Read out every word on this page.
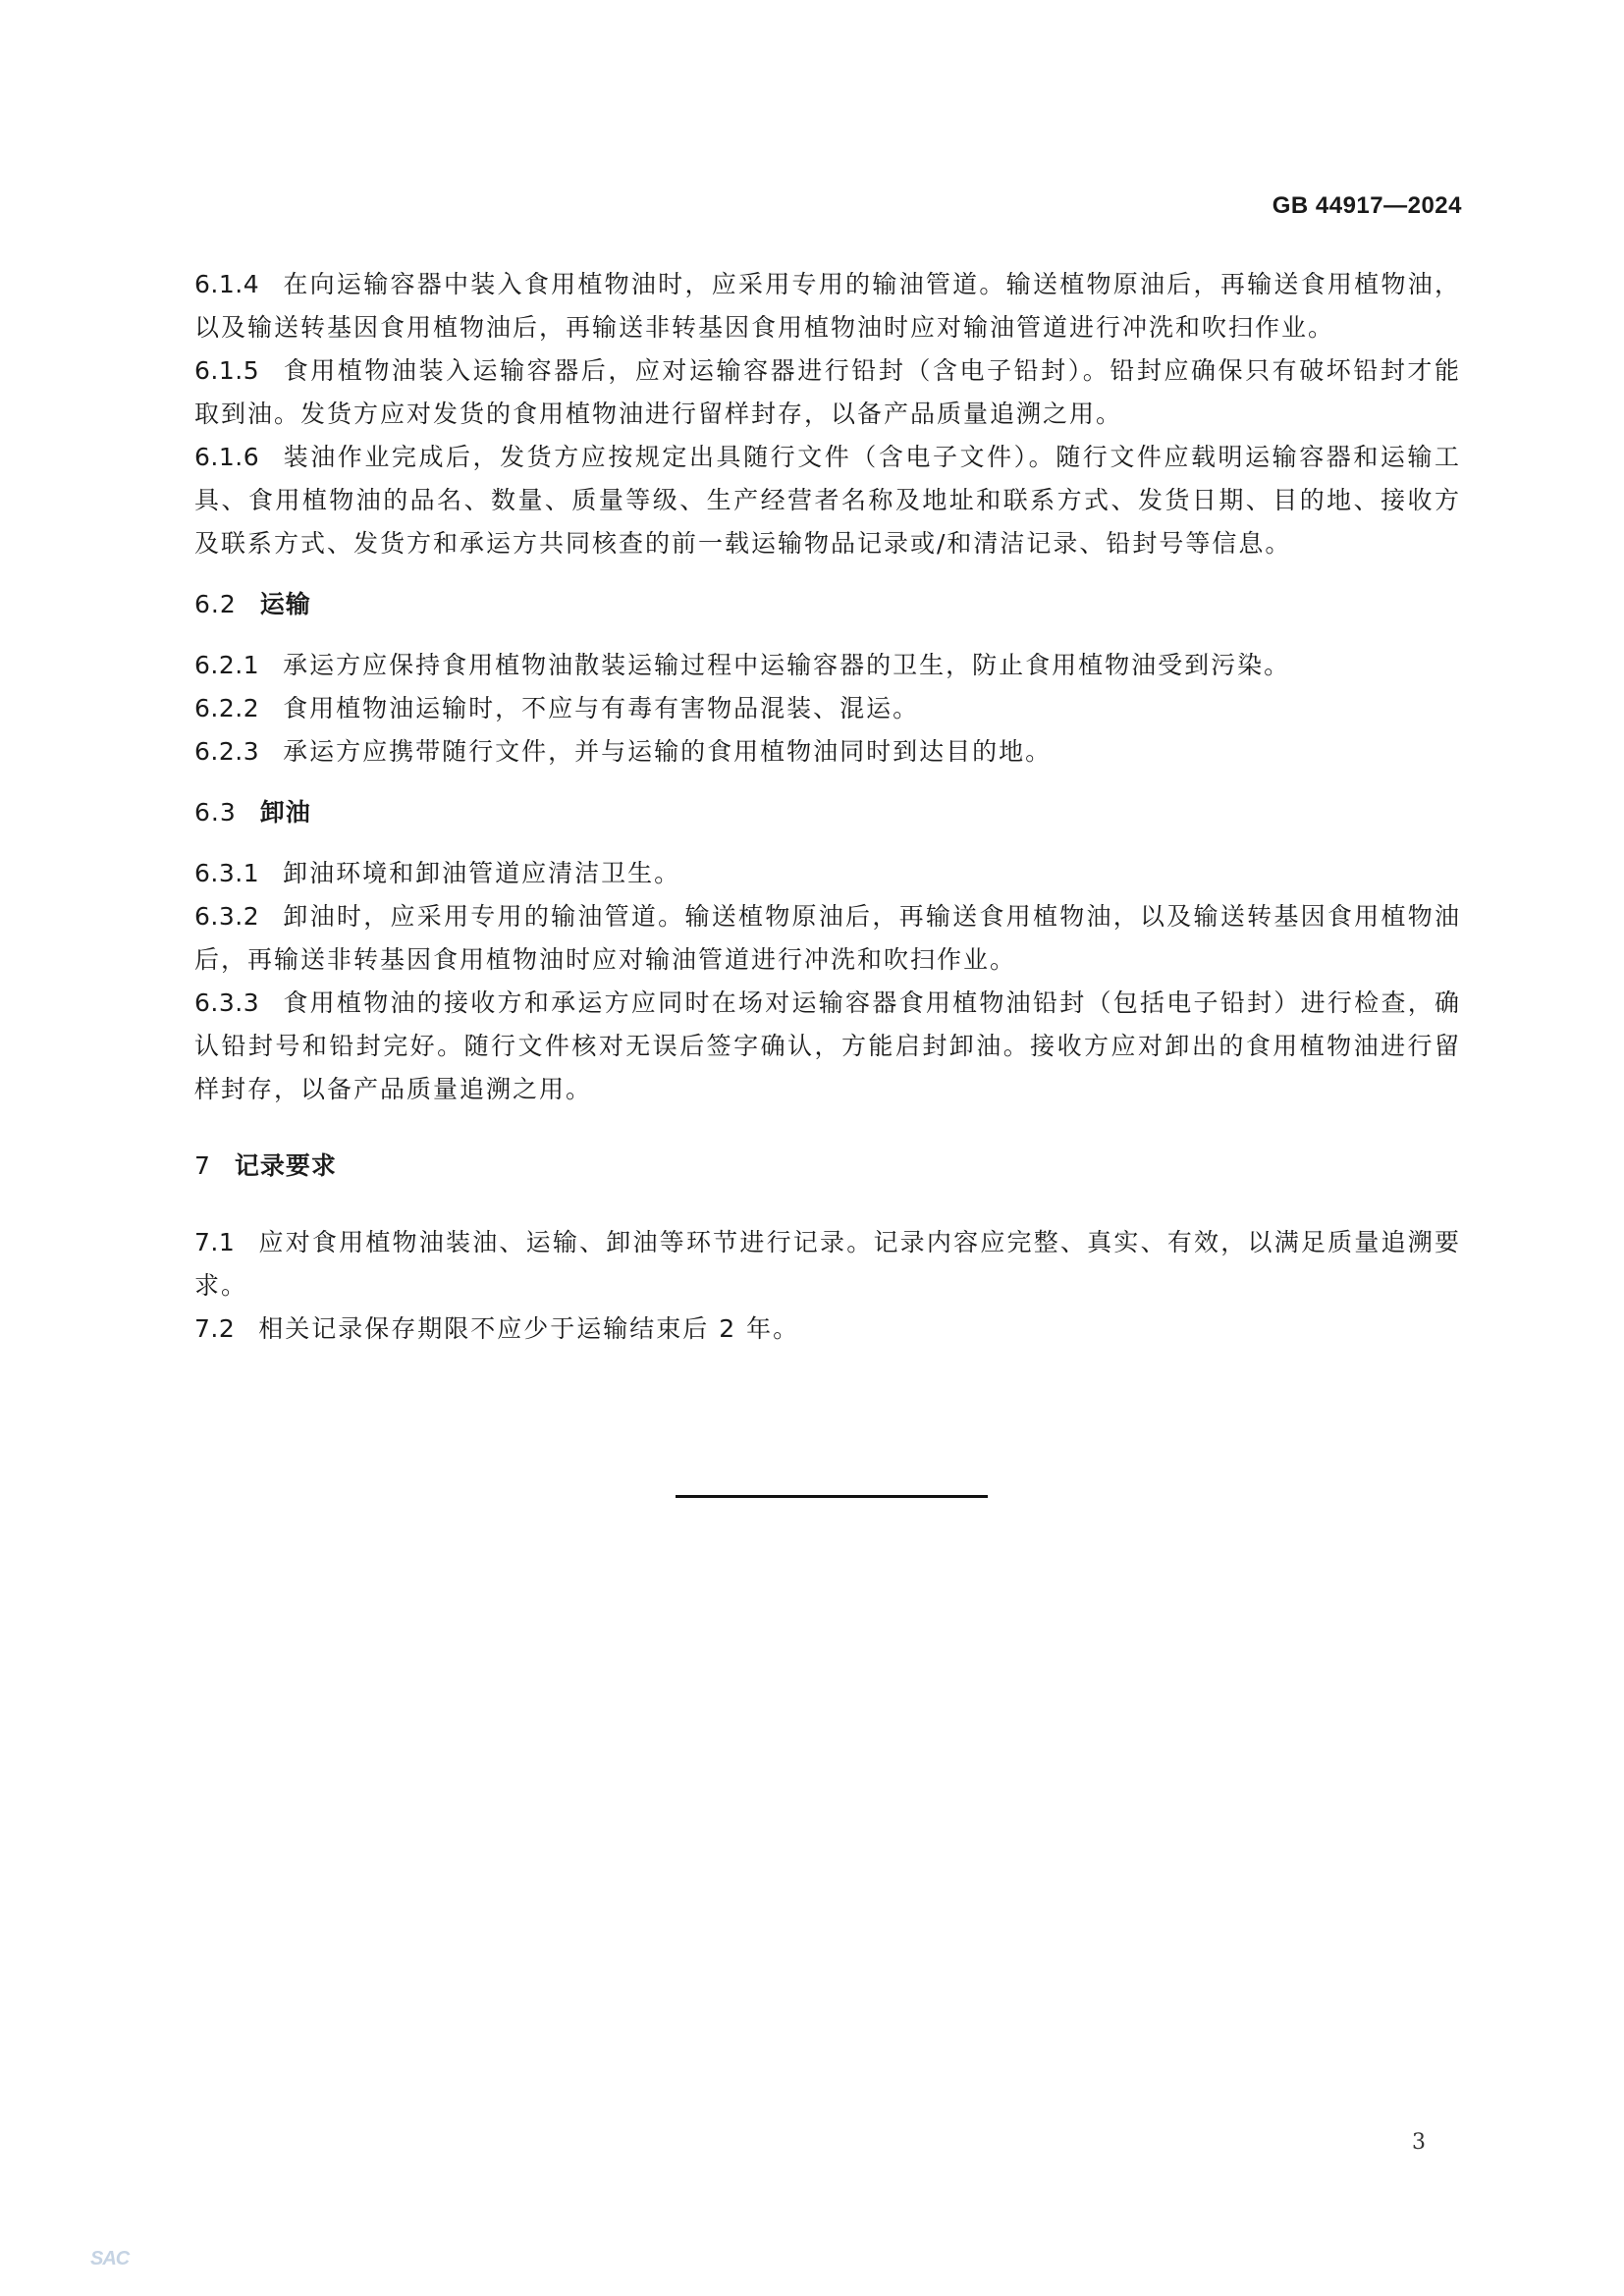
GB 44917—2024

6.1.4 在向运输容器中装入食用植物油时，应采用专用的输油管道。输送植物原油后，再输送食用植物油，以及输送转基因食用植物油后，再输送非转基因食用植物油时应对输油管道进行冲洗和吹扫作业。

6.1.5 食用植物油装入运输容器后，应对运输容器进行铅封（含电子铅封）。铅封应确保只有破坏铅封才能取到油。发货方应对发货的食用植物油进行留样封存，以备产品质量追溯之用。

6.1.6 装油作业完成后，发货方应按规定出具随行文件（含电子文件）。随行文件应载明运输容器和运输工具、食用植物油的品名、数量、质量等级、生产经营者名称及地址和联系方式、发货日期、目的地、接收方及联系方式、发货方和承运方共同核查的前一载运输物品记录或/和清洁记录、铅封号等信息。

6.2 运输

6.2.1 承运方应保持食用植物油散装运输过程中运输容器的卫生，防止食用植物油受到污染。

6.2.2 食用植物油运输时，不应与有毒有害物品混装、混运。

6.2.3 承运方应携带随行文件，并与运输的食用植物油同时到达目的地。

6.3 卸油

6.3.1 卸油环境和卸油管道应清洁卫生。

6.3.2 卸油时，应采用专用的输油管道。输送植物原油后，再输送食用植物油，以及输送转基因食用植物油后，再输送非转基因食用植物油时应对输油管道进行冲洗和吹扫作业。

6.3.3 食用植物油的接收方和承运方应同时在场对运输容器食用植物油铅封（包括电子铅封）进行检查，确认铅封号和铅封完好。随行文件核对无误后签字确认，方能启封卸油。接收方应对卸出的食用植物油进行留样封存，以备产品质量追溯之用。

7 记录要求

7.1 应对食用植物油装油、运输、卸油等环节进行记录。记录内容应完整、真实、有效，以满足质量追溯要求。

7.2 相关记录保存期限不应少于运输结束后 2 年。

3
SAC
